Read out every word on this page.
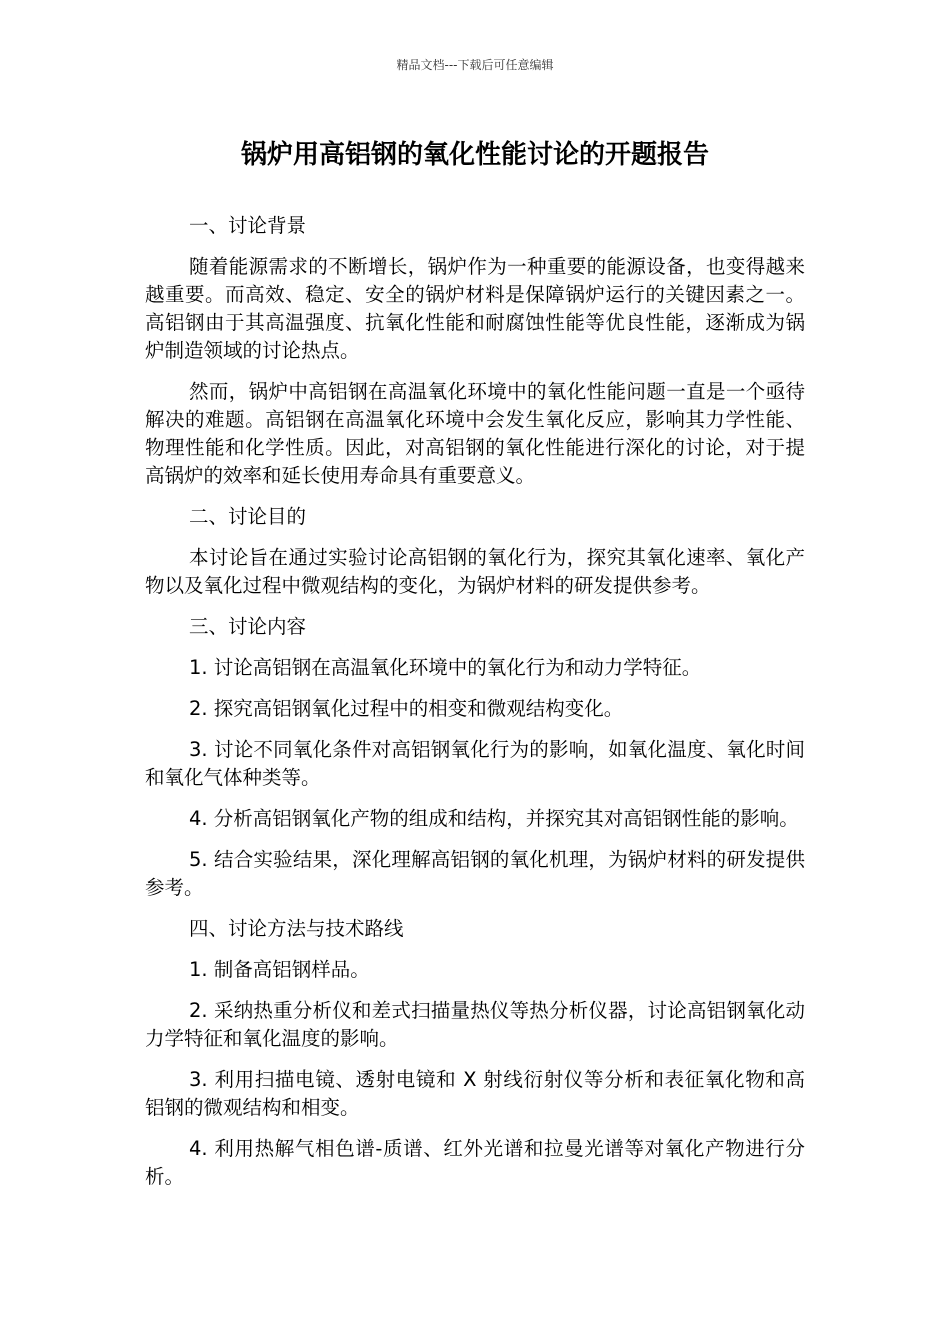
精品文档---下载后可任意编辑
锅炉用高铝钢的氧化性能讨论的开题报告

一、讨论背景

随着能源需求的不断增长，锅炉作为一种重要的能源设备，也变得越来越重要。而高效、稳定、安全的锅炉材料是保障锅炉运行的关键因素之一。高铝钢由于其高温强度、抗氧化性能和耐腐蚀性能等优良性能，逐渐成为锅炉制造领域的讨论热点。

然而，锅炉中高铝钢在高温氧化环境中的氧化性能问题一直是一个亟待解决的难题。高铝钢在高温氧化环境中会发生氧化反应，影响其力学性能、物理性能和化学性质。因此，对高铝钢的氧化性能进行深化的讨论，对于提高锅炉的效率和延长使用寿命具有重要意义。

二、讨论目的

本讨论旨在通过实验讨论高铝钢的氧化行为，探究其氧化速率、氧化产物以及氧化过程中微观结构的变化，为锅炉材料的研发提供参考。

三、讨论内容

1. 讨论高铝钢在高温氧化环境中的氧化行为和动力学特征。

2. 探究高铝钢氧化过程中的相变和微观结构变化。

3. 讨论不同氧化条件对高铝钢氧化行为的影响，如氧化温度、氧化时间和氧化气体种类等。

4. 分析高铝钢氧化产物的组成和结构，并探究其对高铝钢性能的影响。

5. 结合实验结果，深化理解高铝钢的氧化机理，为锅炉材料的研发提供参考。

四、讨论方法与技术路线

1. 制备高铝钢样品。

2. 采纳热重分析仪和差式扫描量热仪等热分析仪器，讨论高铝钢氧化动力学特征和氧化温度的影响。

3. 利用扫描电镜、透射电镜和 X 射线衍射仪等分析和表征氧化物和高铝钢的微观结构和相变。

4. 利用热解气相色谱-质谱、红外光谱和拉曼光谱等对氧化产物进行分析。
